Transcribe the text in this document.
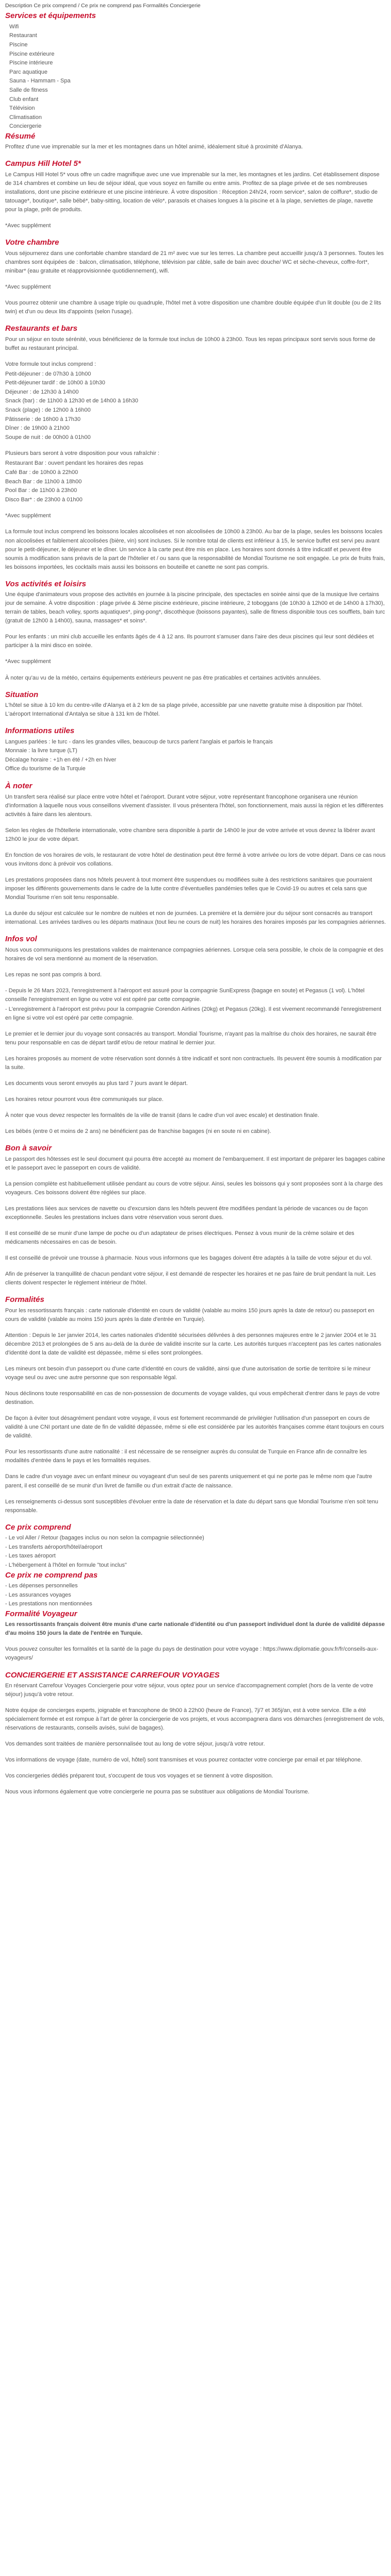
Description Ce prix comprend / Ce prix ne comprend pas Formalités Conciergerie
Services et équipements
Wifi
Restaurant
Piscine
Piscine extérieure
Piscine intérieure
Parc aquatique
Sauna - Hammam - Spa
Salle de fitness
Club enfant
Télévision
Climatisation
Conciergerie
Résumé

Profitez d'une vue imprenable sur la mer et les montagnes dans un hôtel animé, idéalement situé à proximité d'Alanya.

Campus Hill Hotel 5*

Le Campus Hill Hotel 5* vous offre un cadre magnifique avec une vue imprenable sur la mer, les montagnes et les jardins. Cet établissement dispose de 314 chambres et combine un lieu de séjour idéal, que vous soyez en famille ou entre amis. Profitez de sa plage privée et de ses nombreuses installations, dont une piscine extérieure et une piscine intérieure. À votre disposition : Réception 24h/24, room service*, salon de coiffure*, studio de tatouage*, boutique*, salle bébé*, baby-sitting, location de vélo*, parasols et chaises longues à la piscine et à la plage, serviettes de plage, navette pour la plage, prêt de produits.

*Avec supplément

Votre chambre

Vous séjournerez dans une confortable chambre standard de 21 m² avec vue sur les terres. La chambre peut accueillir jusqu'à 3 personnes. Toutes les chambres sont équipées de : balcon, climatisation, téléphone, télévision par câble, salle de bain avec douche/ WC et sèche-cheveux, coffre-fort*, minibar* (eau gratuite et réapprovisionnée quotidiennement), wifi.

*Avec supplément

Vous pourrez obtenir une chambre à usage triple ou quadruple, l'hôtel met à votre disposition une chambre double équipée d'un lit double (ou de 2 lits twin) et d'un ou deux lits d'appoints (selon l'usage).

Restaurants et bars

Pour un séjour en toute sérénité, vous bénéficierez de la formule tout inclus de 10h00 à 23h00. Tous les repas principaux sont servis sous forme de buffet au restaurant principal.

Votre formule tout inclus comprend :

Petit-déjeuner : de 07h30 à 10h00
Petit-déjeuner tardif : de 10h00 à 10h30
Déjeuner : de 12h30 à 14h00
Snack (bar) : de 11h00 à 12h30 et de 14h00 à 16h30
Snack (plage) : de 12h00 à 16h00
Pâtisserie : de 16h00 à 17h30
Dîner : de 19h00 à 21h00
Soupe de nuit : de 00h00 à 01h00

Plusieurs bars seront à votre disposition pour vous rafraîchir :

Restaurant Bar : ouvert pendant les horaires des repas
Café Bar : de 10h00 à 22h00
Beach Bar : de 11h00 à 18h00
Pool Bar : de 11h00 à 23h00
Disco Bar* : de 23h00 à 01h00

*Avec supplément

La formule tout inclus comprend les boissons locales alcoolisées et non alcoolisées de 10h00 à 23h00. Au bar de la plage, seules les boissons locales non alcoolisées et faiblement alcoolisées (bière, vin) sont incluses. Si le nombre total de clients est inférieur à 15, le service buffet est servi peu avant pour le petit-déjeuner, le déjeuner et le dîner. Un service à la carte peut être mis en place. Les horaires sont donnés à titre indicatif et peuvent être soumis à modification sans préavis de la part de l'hôtelier et / ou sans que la responsabilité de Mondial Tourisme ne soit engagée. Le prix de fruits frais, les boissons importées, les cocktails mais aussi les boissons en bouteille et canette ne sont pas compris.

Vos activités et loisirs

Une équipe d'animateurs vous propose des activités en journée à la piscine principale, des spectacles en soirée ainsi que de la musique live certains jour de semaine. À votre disposition : plage privée & 3ème piscine extérieure, piscine intérieure, 2 toboggans (de 10h30 à 12h00 et de 14h00 à 17h30), terrain de tables, beach volley, sports aquatiques*, ping-pong*, discothèque (boissons payantes), salle de fitness disponible tous ces soufflets, bain turc (gratuit de 12h00 à 14h00), sauna, massages* et soins*.

Pour les enfants : un mini club accueille les enfants âgés de 4 à 12 ans. Ils pourront s'amuser dans l'aire des deux piscines qui leur sont dédiées et participer à la mini disco en soirée.

*Avec supplément

À noter qu'au vu de la météo, certains équipements extérieurs peuvent ne pas être praticables et certaines activités annulées.

Situation

L'hôtel se situe à 10 km du centre-ville d'Alanya et à 2 km de sa plage privée, accessible par une navette gratuite mise à disposition par l'hôtel. L'aéroport International d'Antalya se situe à 131 km de l'hôtel.

Informations utiles
Langues parlées : le turc - dans les grandes villes, beaucoup de turcs parlent l'anglais et parfois le français
Monnaie : la livre turque (LT)
Décalage horaire : +1h en été / +2h en hiver
Office du tourisme de la Turquie
À noter

Un transfert sera réalisé sur place entre votre hôtel et l'aéroport. Durant votre séjour, votre représentant francophone organisera une réunion d'information à laquelle nous vous conseillons vivement d'assister. Il vous présentera l'hôtel, son fonctionnement, mais aussi la région et les différentes activités à faire dans les alentours.

Selon les règles de l'hôtellerie internationale, votre chambre sera disponible à partir de 14h00 le jour de votre arrivée et vous devrez la libérer avant 12h00 le jour de votre départ.

En fonction de vos horaires de vols, le restaurant de votre hôtel de destination peut être fermé à votre arrivée ou lors de votre départ. Dans ce cas nous vous invitons donc à prévoir vos collations.

Les prestations proposées dans nos hôtels peuvent à tout moment être suspendues ou modifiées suite à des restrictions sanitaires que pourraient imposer les différents gouvernements dans le cadre de la lutte contre d'éventuelles pandémies telles que le Covid-19 ou autres et cela sans que Mondial Tourisme n'en soit tenu responsable.

La durée du séjour est calculée sur le nombre de nuitées et non de journées. La première et la dernière jour du séjour sont consacrés au transport international. Les arrivées tardives ou les départs matinaux (tout lieu ne cours de nuit) les horaires des horaires imposés par les compagnies aériennes.

Infos vol

Nous vous communiquons les prestations valides de maintenance compagnies aériennes. Lorsque cela sera possible, le choix de la compagnie et des horaires de vol sera mentionné au moment de la réservation.

Les repas ne sont pas compris à bord.

- Depuis le 26 Mars 2023, l'enregistrement à l'aéroport est assuré pour la compagnie SunExpress (bagage en soute) et Pegasus (1 vol). L'hôtel conseille l'enregistrement en ligne ou votre vol est opéré par cette compagnie.

- L'enregistrement à l'aéroport est prévu pour la compagnie Corendon Airlines (20kg) et Pegasus (20kg). Il est vivement recommandé l'enregistrement en ligne si votre vol est opéré par cette compagnie.

Le premier et le dernier jour du voyage sont consacrés au transport. Mondial Tourisme, n'ayant pas la maîtrise du choix des horaires, ne saurait être tenu pour responsable en cas de départ tardif et/ou de retour matinal le dernier jour.

Les horaires proposés au moment de votre réservation sont donnés à titre indicatif et sont non contractuels. Ils peuvent être soumis à modification par la suite.

Les documents vous seront envoyés au plus tard 7 jours avant le départ.

Les horaires retour pourront vous être communiqués sur place.

À noter que vous devez respecter les formalités de la ville de transit (dans le cadre d'un vol avec escale) et destination finale.

Les bébés (entre 0 et moins de 2 ans) ne bénéficient pas de franchise bagages (ni en soute ni en cabine).

Bon à savoir

Le passport des hôtesses est le seul document qui pourra être accepté au moment de l'embarquement. Il est important de préparer les bagages cabine et le passeport avec le passeport en cours de validité.

La pension complète est habituellement utilisée pendant au cours de votre séjour. Ainsi, seules les boissons qui y sont proposées sont à la charge des voyageurs. Ces boissons doivent être réglées sur place.

Les prestations liées aux services de navette ou d'excursion dans les hôtels peuvent être modifiées pendant la période de vacances ou de façon exceptionnelle. Seules les prestations inclues dans votre réservation vous seront dues.

Il est conseillé de se munir d'une lampe de poche ou d'un adaptateur de prises électriques. Pensez à vous munir de la crème solaire et des médicaments nécessaires en cas de besoin.

Il est conseillé de prévoir une trousse à pharmacie. Nous vous informons que les bagages doivent être adaptés à la taille de votre séjour et du vol.

Afin de préserver la tranquillité de chacun pendant votre séjour, il est demandé de respecter les horaires et ne pas faire de bruit pendant la nuit. Les clients doivent respecter le règlement intérieur de l'hôtel.

Formalités

Pour les ressortissants français : carte nationale d'identité en cours de validité (valable au moins 150 jours après la date de retour) ou passeport en cours de validité (valable au moins 150 jours après la date d'entrée en Turquie).

Attention : Depuis le 1er janvier 2014, les cartes nationales d'identité sécurisées délivrées à des personnes majeures entre le 2 janvier 2004 et le 31 décembre 2013 et prolongées de 5 ans au-delà de la durée de validité inscrite sur la carte. Les autorités turques n'acceptent pas les cartes nationales d'identité dont la date de validité est dépassée, même si elles sont prolongées.

Les mineurs ont besoin d'un passeport ou d'une carte d'identité en cours de validité, ainsi que d'une autorisation de sortie de territoire si le mineur voyage seul ou avec une autre personne que son responsable légal.

Nous déclinons toute responsabilité en cas de non-possession de documents de voyage valides, qui vous empêcherait d'entrer dans le pays de votre destination.

De façon à éviter tout désagrément pendant votre voyage, il vous est fortement recommandé de privilégier l'utilisation d'un passeport en cours de validité à une CNI portant une date de fin de validité dépassée, même si elle est considérée par les autorités françaises comme étant toujours en cours de validité.

Pour les ressortissants d'une autre nationalité : il est nécessaire de se renseigner auprès du consulat de Turquie en France afin de connaître les modalités d'entrée dans le pays et les formalités requises.

Dans le cadre d'un voyage avec un enfant mineur ou voyageant d'un seul de ses parents uniquement et qui ne porte pas le même nom que l'autre parent, il est conseillé de se munir d'un livret de famille ou d'un extrait d'acte de naissance.

Les renseignements ci-dessus sont susceptibles d'évoluer entre la date de réservation et la date du départ sans que Mondial Tourisme n'en soit tenu responsable.

Ce prix comprend
- Le vol Aller / Retour (bagages inclus ou non selon la compagnie sélectionnée)
- Les transferts aéroport/hôtel/aéroport
- Les taxes aéroport
- L'hébergement à l'hôtel en formule "tout inclus"
Ce prix ne comprend pas
- Les dépenses personnelles
- Les assurances voyages
- Les prestations non mentionnées
Formalité Voyageur

Les ressortissants français doivent être munis d'une carte nationale d'identité ou d'un passeport individuel dont la durée de validité dépasse d'au moins 150 jours la date de l'entrée en Turquie.

Vous pouvez consulter les formalités et la santé de la page du pays de destination pour votre voyage : https://www.diplomatie.gouv.fr/fr/conseils-aux-voyageurs/

CONCIERGERIE ET ASSISTANCE CARREFOUR VOYAGES

En réservant Carrefour Voyages Conciergerie pour votre séjour, vous optez pour un service d'accompagnement complet (hors de la vente de votre séjour) jusqu'à votre retour.

Notre équipe de concierges experts, joignable et francophone de 9h00 à 22h00 (heure de France), 7j/7 et 365j/an, est à votre service. Elle a été spécialement formée et est rompue à l'art de gérer la conciergerie de vos projets, et vous accompagnera dans vos démarches (enregistrement de vols, réservations de restaurants, conseils avisés, suivi de bagages).

Vos demandes sont traitées de manière personnalisée tout au long de votre séjour, jusqu'à votre retour.

Vos informations de voyage (date, numéro de vol, hôtel) sont transmises et vous pourrez contacter votre concierge par email et par téléphone.

Vos conciergeries dédiés préparent tout, s'occupent de tous vos voyages et se tiennent à votre disposition.

Nous vous informons également que votre conciergerie ne pourra pas se substituer aux obligations de Mondial Tourisme.
